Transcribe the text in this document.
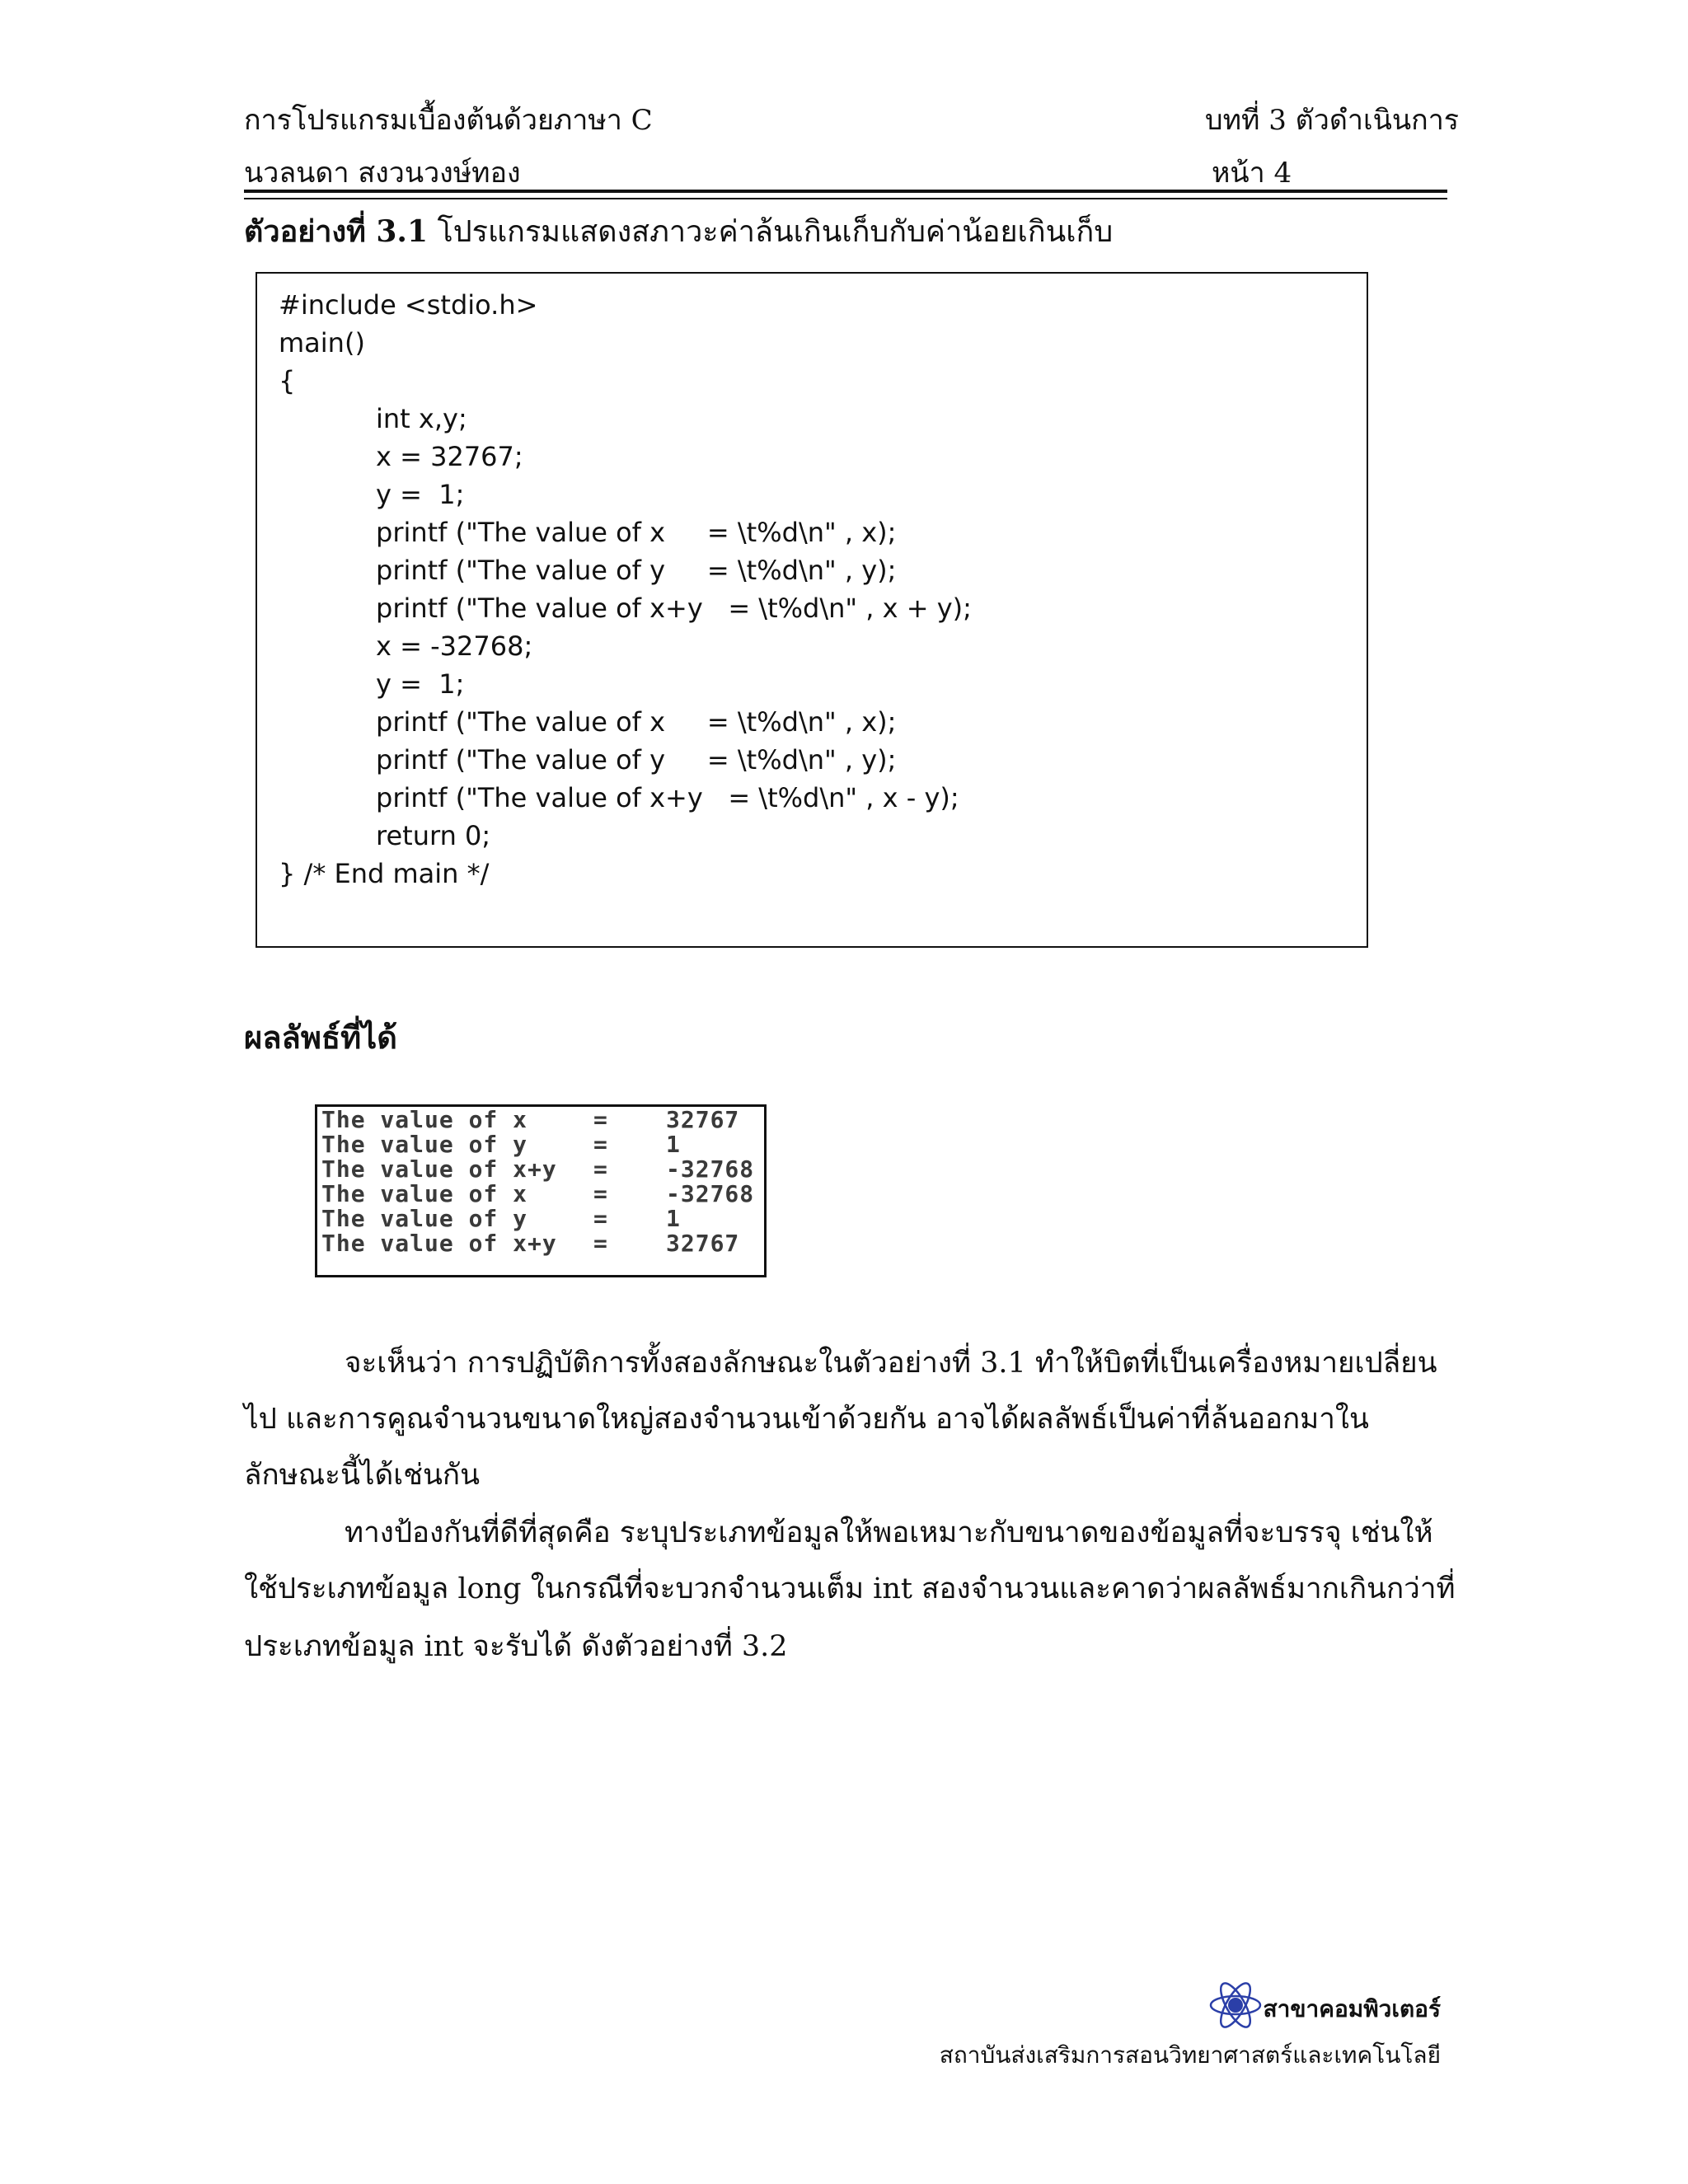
การโปรแกรมเบื้องต้นด้วยภาษา C	บทที่ 3 ตัวดำเนินการ
นวลนดา สงวนวงษ์ทอง	หน้า 4
ตัวอย่างที่ 3.1 โปรแกรมแสดงสภาวะค่าล้นเกินเก็บกับค่าน้อยเกินเก็บ
#include <stdio.h>
main()
{
int x,y;
x = 32767;
y =  1;
printf ("The value of x     = \t%d\n" , x);
printf ("The value of y     = \t%d\n" , y);
printf ("The value of x+y   = \t%d\n" , x + y);
x = -32768;
y =  1;
printf ("The value of x     = \t%d\n" , x);
printf ("The value of y     = \t%d\n" , y);
printf ("The value of x+y   = \t%d\n" , x - y);
return 0;
} /* End main */
ผลลัพธ์ที่ได้
The value of x	=	32767
The value of y	=	1
The value of x+y =	-32768
The value of x	=	-32768
The value of y	=	1
The value of x+y =	32767
จะเห็นว่า การปฏิบัติการทั้งสองลักษณะในตัวอย่างที่ 3.1 ทำให้บิตที่เป็นเครื่องหมายเปลี่ยน
ไป และการคูณจำนวนขนาดใหญ่สองจำนวนเข้าด้วยกัน อาจได้ผลลัพธ์เป็นค่าที่ล้นออกมาใน
ลักษณะนี้ได้เช่นกัน
ทางป้องกันที่ดีที่สุดคือ ระบุประเภทข้อมูลให้พอเหมาะกับขนาดของข้อมูลที่จะบรรจุ เช่นให้
ใช้ประเภทข้อมูล long ในกรณีที่จะบวกจำนวนเต็ม int สองจำนวนและคาดว่าผลลัพธ์มากเกินกว่าที่
ประเภทข้อมูล int จะรับได้ ดังตัวอย่างที่ 3.2
สาขาคอมพิวเตอร์
สถาบันส่งเสริมการสอนวิทยาศาสตร์และเทคโนโลยี
